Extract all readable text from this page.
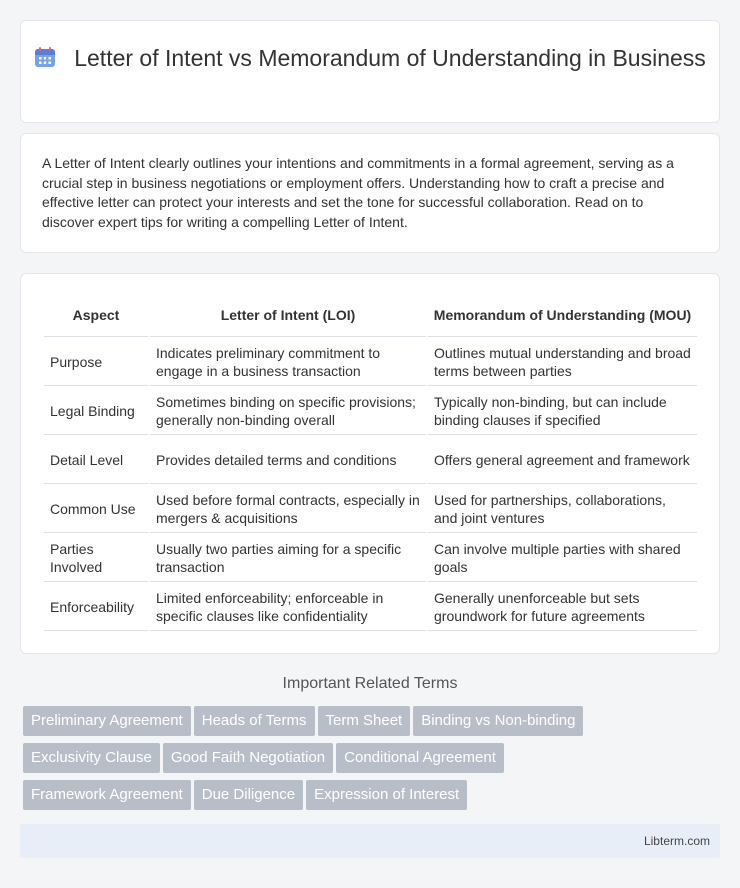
Letter of Intent vs Memorandum of Understanding in Business

A Letter of Intent clearly outlines your intentions and commitments in a formal agreement, serving as a crucial step in business negotiations or employment offers. Understanding how to craft a precise and effective letter can protect your interests and set the tone for successful collaboration. Read on to discover expert tips for writing a compelling Letter of Intent.

Aspect	Letter of Intent (LOI)	Memorandum of Understanding (MOU)
Purpose	Indicates preliminary commitment to engage in a business transaction	Outlines mutual understanding and broad terms between parties
Legal Binding	Sometimes binding on specific provisions; generally non-binding overall	Typically non-binding, but can include binding clauses if specified
Detail Level	Provides detailed terms and conditions	Offers general agreement and framework
Common Use	Used before formal contracts, especially in mergers & acquisitions	Used for partnerships, collaborations, and joint ventures
Parties Involved	Usually two parties aiming for a specific transaction	Can involve multiple parties with shared goals
Enforceability	Limited enforceability; enforceable in specific clauses like confidentiality	Generally unenforceable but sets groundwork for future agreements
Important Related Terms
Preliminary Agreement Heads of Terms Term Sheet Binding vs Non-binding
Exclusivity Clause Good Faith Negotiation Conditional Agreement
Framework Agreement Due Diligence Expression of Interest
Libterm.com
